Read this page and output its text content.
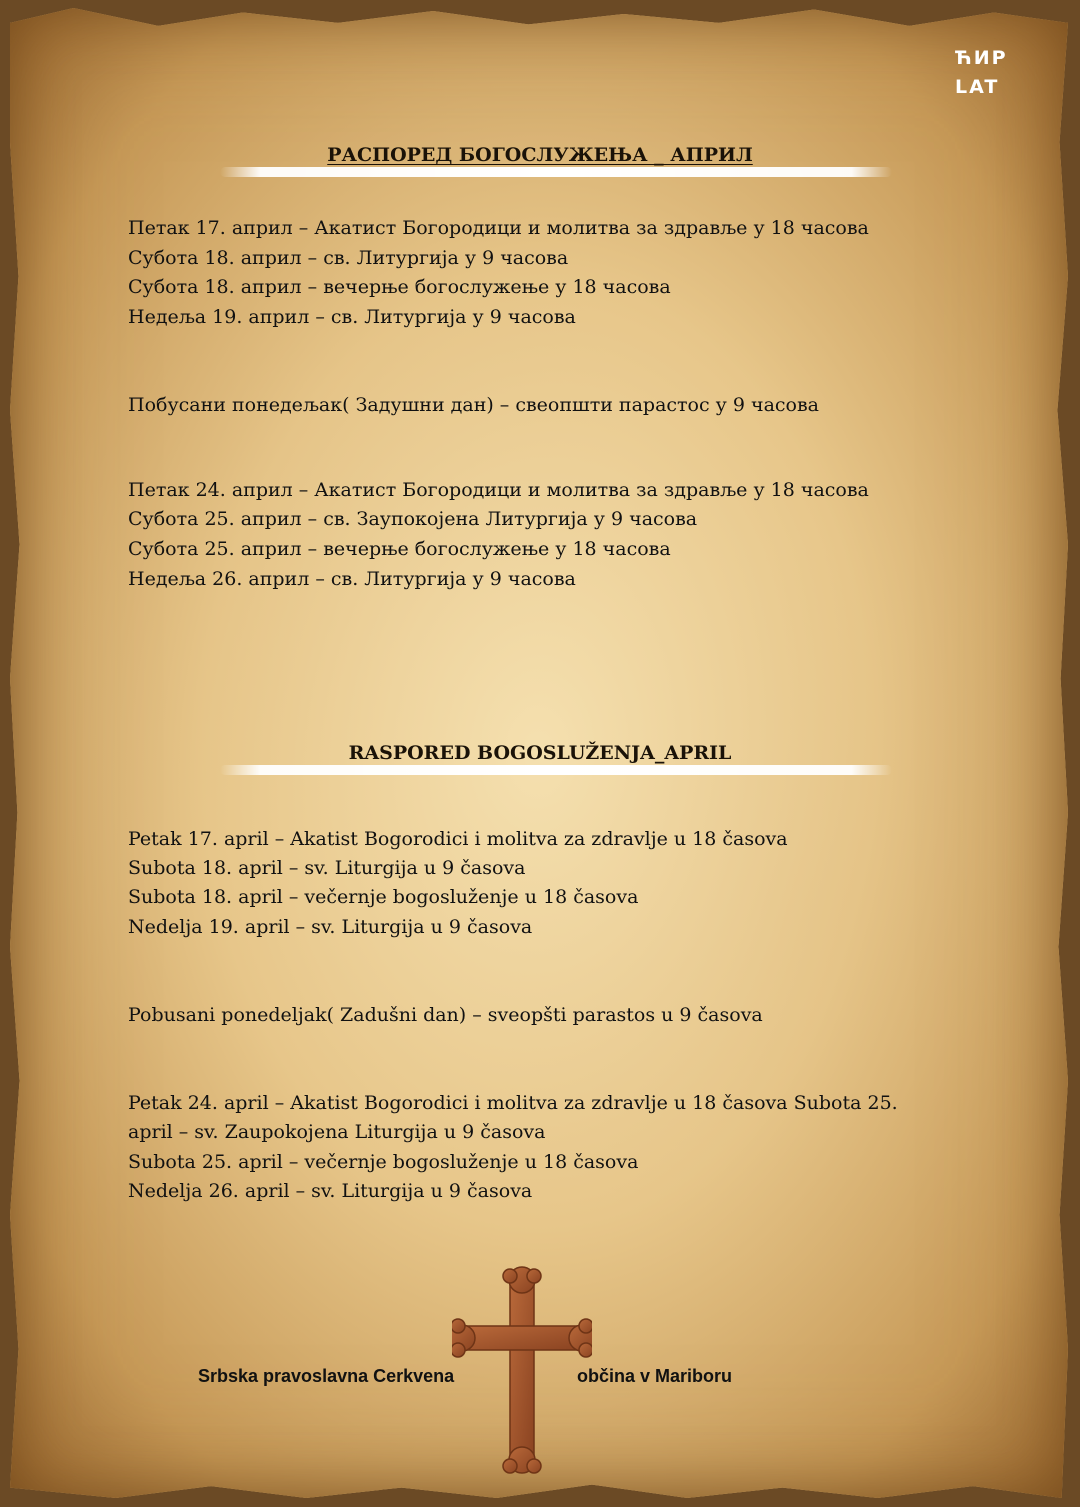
ЋИР
LAT
РАСПОРЕД БОГОСЛУЖЕЊА _ АПРИЛ
Петак 17. април – Акатист Богородици и молитва за здравље у 18 часова
Субота 18. април – св. Литургија у 9 часова
Субота 18. април – вечерње богослужење у 18 часова
Недеља 19. април – св. Литургија у 9 часова
Побусани понедељак( Задушни дан) – свеопшти парастос у 9 часова
Петак 24. април – Акатист Богородици и молитва за здравље у 18 часова
Субота 25. април – св. Заупокојена Литургија у 9 часова
Субота 25. април – вечерње богослужење у 18 часова
Недеља 26. април – св. Литургија у 9 часова
RASPORED BOGOSLUŽENJA_APRIL
Petak 17. april – Akatist Bogorodici i molitva za zdravlje u 18 časova
Subota 18. april – sv. Liturgija u 9 časova
Subota 18. april – večernje bogosluženje u 18 časova
Nedelja 19. april – sv. Liturgija u 9 časova
Pobusani ponedeljak( Zadušni dan) – sveopšti parastos u 9 časova
Petak 24. april – Akatist Bogorodici i molitva za zdravlje u 18 časova Subota 25.
april – sv. Zaupokojena Liturgija u 9 časova
Subota 25. april – večernje bogosluženje u 18 časova
Nedelja 26. april – sv. Liturgija u 9 časova
Srbska pravoslavna Cerkvena	občina v Mariboru
